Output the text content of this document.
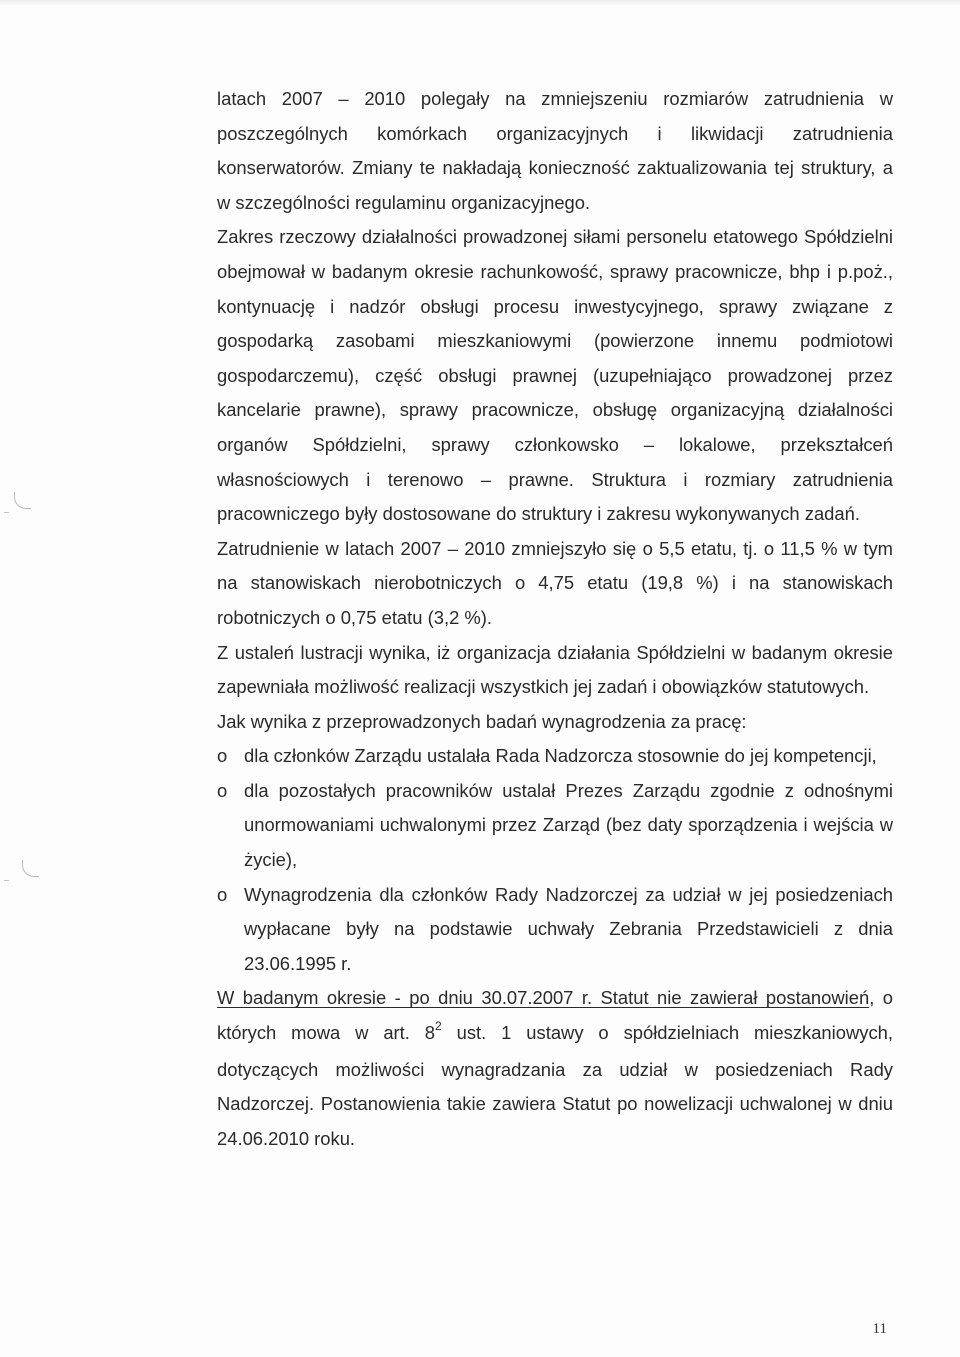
latach 2007 – 2010 polegały na zmniejszeniu rozmiarów zatrudnienia w poszczególnych komórkach organizacyjnych i likwidacji zatrudnienia konserwatorów. Zmiany te nakładają konieczność zaktualizowania tej struktury, a w szczególności regulaminu organizacyjnego.

Zakres rzeczowy działalności prowadzonej siłami personelu etatowego Spółdzielni obejmował w badanym okresie rachunkowość, sprawy pracownicze, bhp i p.poż., kontynuację i nadzór obsługi procesu inwestycyjnego, sprawy związane z gospodarką zasobami mieszkaniowymi (powierzone innemu podmiotowi gospodarczemu), część obsługi prawnej (uzupełniająco prowadzonej przez kancelarie prawne), sprawy pracownicze, obsługę organizacyjną działalności organów Spółdzielni, sprawy członkowsko – lokalowe, przekształceń własnościowych i terenowo – prawne. Struktura i rozmiary zatrudnienia pracowniczego były dostosowane do struktury i zakresu wykonywanych zadań.

Zatrudnienie w latach 2007 – 2010 zmniejszyło się o 5,5 etatu, tj. o 11,5 % w tym na stanowiskach nierobotniczych o 4,75 etatu (19,8 %) i na stanowiskach robotniczych o 0,75 etatu (3,2 %).

Z ustaleń lustracji wynika, iż organizacja działania Spółdzielni w badanym okresie zapewniała możliwość realizacji wszystkich jej zadań i obowiązków statutowych.

Jak wynika z przeprowadzonych badań wynagrodzenia za pracę:

o dla członków Zarządu ustalała Rada Nadzorcza stosownie do jej kompetencji,
o dla pozostałych pracowników ustalał Prezes Zarządu zgodnie z odnośnymi unormowaniami uchwalonymi przez Zarząd (bez daty sporządzenia i wejścia w życie),
o Wynagrodzenia dla członków Rady Nadzorczej za udział w jej posiedzeniach wypłacane były na podstawie uchwały Zebrania Przedstawicieli z dnia 23.06.1995 r.

W badanym okresie - po dniu 30.07.2007 r. Statut nie zawierał postanowień, o których mowa w art. $8^2$ ust. 1 ustawy o spółdzielniach mieszkaniowych, dotyczących możliwości wynagradzania za udział w posiedzeniach Rady Nadzorczej. Postanowienia takie zawiera Statut po nowelizacji uchwalonej w dniu 24.06.2010 roku.

11
